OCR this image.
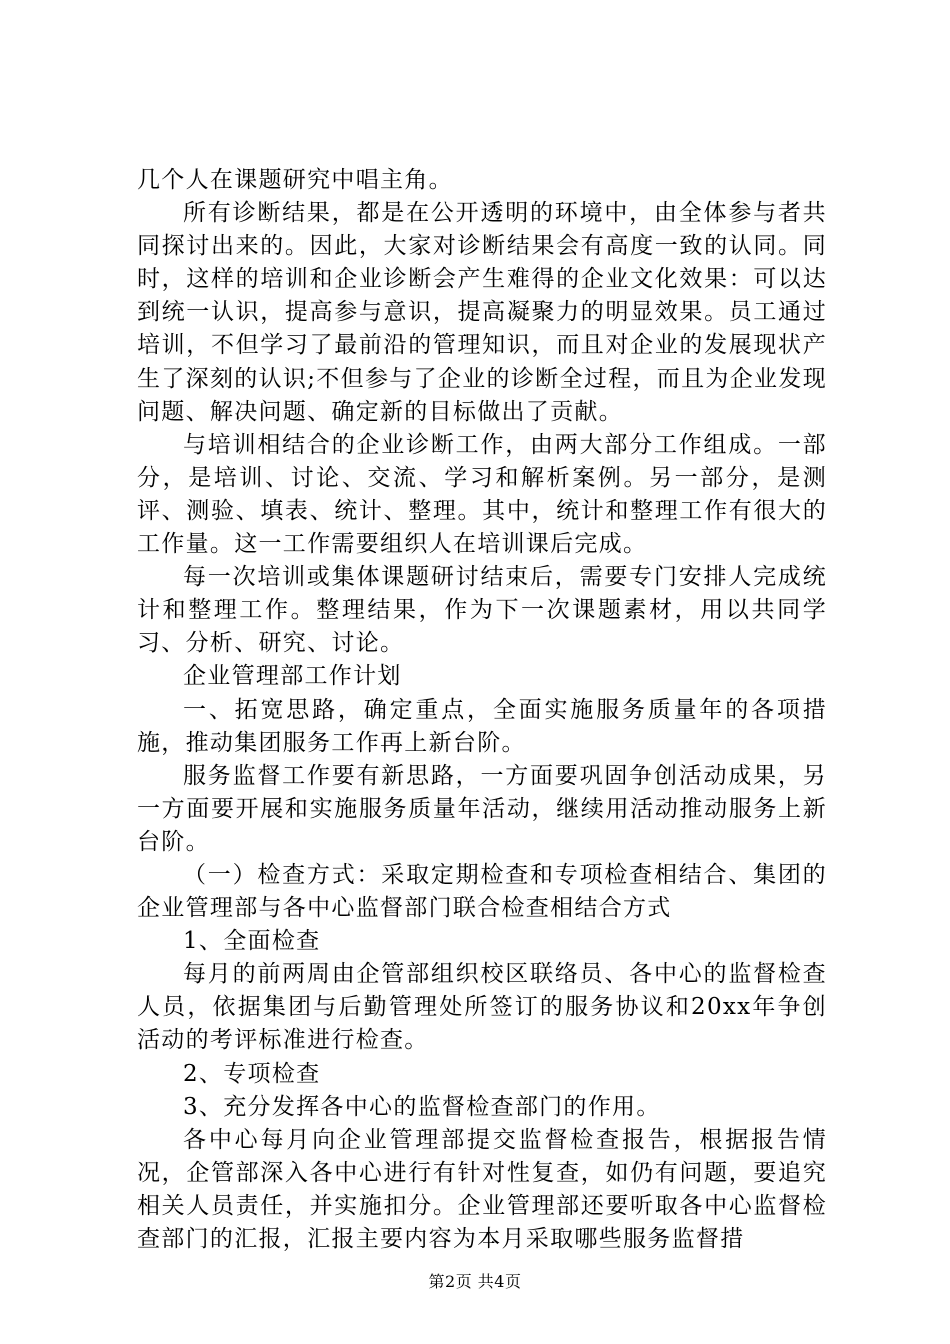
几个人在课题研究中唱主角。

所有诊断结果，都是在公开透明的环境中，由全体参与者共同探讨出来的。因此，大家对诊断结果会有高度一致的认同。同时，这样的培训和企业诊断会产生难得的企业文化效果：可以达到统一认识，提高参与意识，提高凝聚力的明显效果。员工通过培训，不但学习了最前沿的管理知识，而且对企业的发展现状产生了深刻的认识;不但参与了企业的诊断全过程，而且为企业发现问题、解决问题、确定新的目标做出了贡献。

与培训相结合的企业诊断工作，由两大部分工作组成。一部分，是培训、讨论、交流、学习和解析案例。另一部分，是测评、测验、填表、统计、整理。其中，统计和整理工作有很大的工作量。这一工作需要组织人在培训课后完成。

每一次培训或集体课题研讨结束后，需要专门安排人完成统计和整理工作。整理结果，作为下一次课题素材，用以共同学习、分析、研究、讨论。

企业管理部工作计划

一、拓宽思路，确定重点，全面实施服务质量年的各项措施，推动集团服务工作再上新台阶。

服务监督工作要有新思路，一方面要巩固争创活动成果，另一方面要开展和实施服务质量年活动，继续用活动推动服务上新台阶。

（一）检查方式：采取定期检查和专项检查相结合、集团的企业管理部与各中心监督部门联合检查相结合方式

1、全面检查

每月的前两周由企管部组织校区联络员、各中心的监督检查人员，依据集团与后勤管理处所签订的服务协议和20xx年争创活动的考评标准进行检查。

2、专项检查

3、充分发挥各中心的监督检查部门的作用。

各中心每月向企业管理部提交监督检查报告，根据报告情况，企管部深入各中心进行有针对性复查，如仍有问题，要追究相关人员责任，并实施扣分。企业管理部还要听取各中心监督检查部门的汇报，汇报主要内容为本月采取哪些服务监督措

第2页 共4页
